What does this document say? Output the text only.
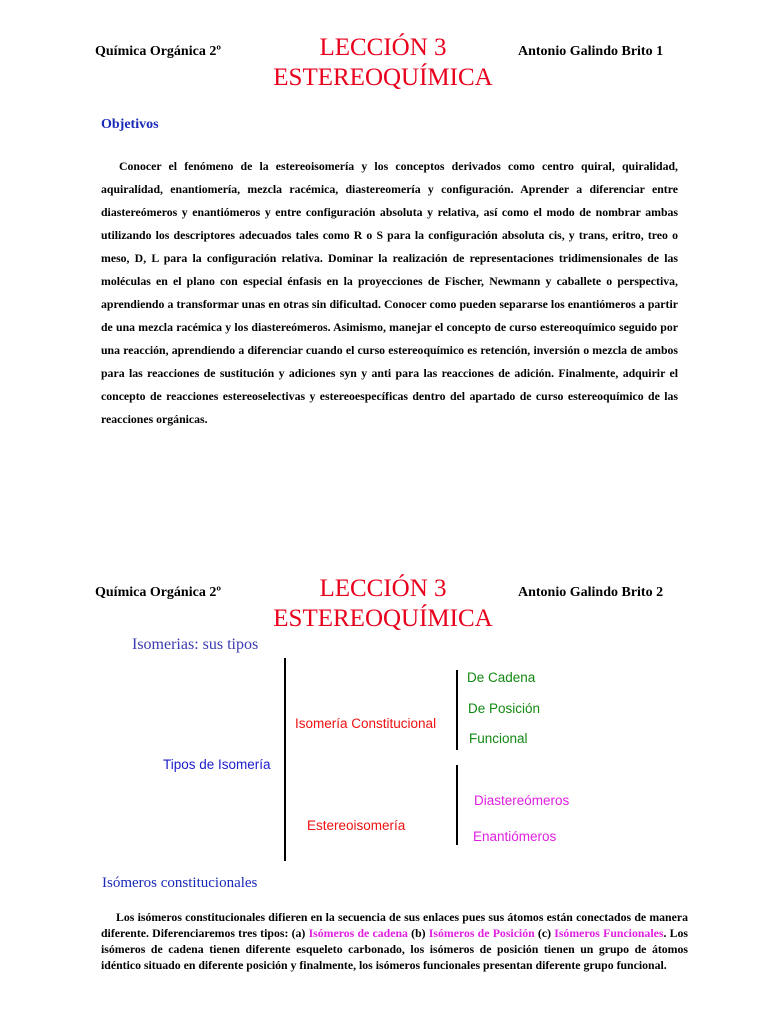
Química Orgánica 2º	LECCIÓN 3
ESTEREOQUÍMICA
Antonio Galindo Brito 1
Objetivos
Conocer el fenómeno de la estereoisomería y los conceptos derivados como centro quiral, quiralidad, aquiralidad, enantiomería, mezcla racémica, diastereomería y configuración. Aprender a diferenciar entre diastereómeros y enantiómeros y entre configuración absoluta y relativa, así como el modo de nombrar ambas utilizando los descriptores adecuados tales como R o S para la configuración absoluta cis, y trans, eritro, treo o meso, D, L para la configuración relativa. Dominar la realización de representaciones tridimensionales de las moléculas en el plano con especial énfasis en la proyecciones de Fischer, Newmann y caballete o perspectiva, aprendiendo a transformar unas en otras sin dificultad. Conocer como pueden separarse los enantiómeros a partir de una mezcla racémica y los diastereómeros. Asimismo, manejar el concepto de curso estereoquímico seguido por una reacción, aprendiendo a diferenciar cuando el curso estereoquímico es retención, inversión o mezcla de ambos para las reacciones de sustitución y adiciones syn y anti para las reacciones de adición. Finalmente, adquirir el concepto de reacciones estereoselectivas y estereoespecíficas dentro del apartado de curso estereoquímico de las reacciones orgánicas.
Química Orgánica 2º	LECCIÓN 3
ESTEREOQUÍMICA
Antonio Galindo Brito 2
Isomerias: sus tipos
Tipos de Isomería
Isomería Constitucional
De Cadena
De Posición
Funcional
Estereoisomería
Diastereómeros
Enantiómeros
Isómeros constitucionales
Los isómeros constitucionales difieren en la secuencia de sus enlaces pues sus átomos están conectados de manera diferente. Diferenciaremos tres tipos: (a) Isómeros de cadena (b) Isómeros de Posición (c) Isómeros Funcionales. Los isómeros de cadena tienen diferente esqueleto carbonado, los isómeros de posición tienen un grupo de átomos idéntico situado en diferente posición y finalmente, los isómeros funcionales presentan diferente grupo funcional.
